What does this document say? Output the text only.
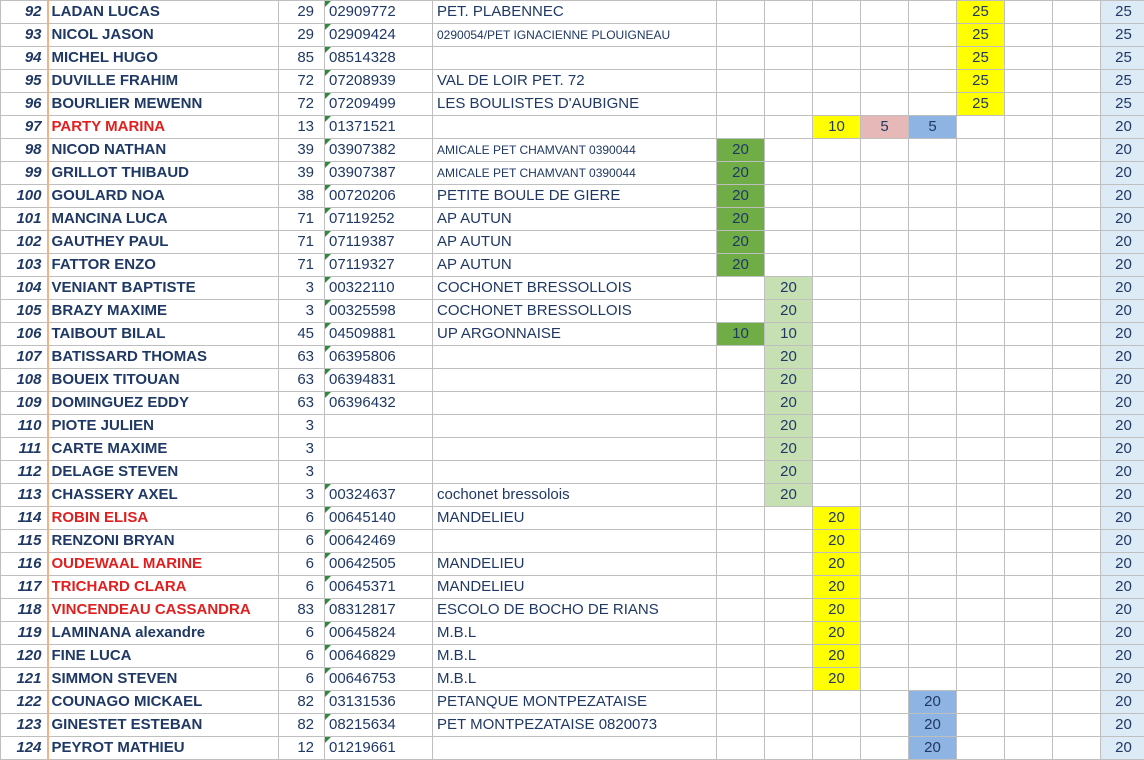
92	LADAN LUCAS	29	02909772	PET. PLABENNEC						25			25
93	NICOL JASON	29	02909424	0290054/PET IGNACIENNE PLOUIGNEAU						25			25
94	MICHEL HUGO	85	08514328							25			25
95	DUVILLE FRAHIM	72	07208939	VAL DE LOIR PET. 72						25			25
96	BOURLIER MEWENN	72	07209499	LES BOULISTES D'AUBIGNE						25			25
97	PARTY MARINA	13	01371521				10	5	5				20
98	NICOD NATHAN	39	03907382	AMICALE PET CHAMVANT 0390044	20								20
99	GRILLOT THIBAUD	39	03907387	AMICALE PET CHAMVANT 0390044	20								20
100	GOULARD NOA	38	00720206	PETITE BOULE DE GIERE	20								20
101	MANCINA LUCA	71	07119252	AP AUTUN	20								20
102	GAUTHEY PAUL	71	07119387	AP AUTUN	20								20
103	FATTOR ENZO	71	07119327	AP AUTUN	20								20
104	VENIANT BAPTISTE	3	00322110	COCHONET BRESSOLLOIS		20							20
105	BRAZY MAXIME	3	00325598	COCHONET BRESSOLLOIS		20							20
106	TAIBOUT BILAL	45	04509881	UP ARGONNAISE	10	10							20
107	BATISSARD THOMAS	63	06395806			20							20
108	BOUEIX TITOUAN	63	06394831			20							20
109	DOMINGUEZ EDDY	63	06396432			20							20
110	PIOTE JULIEN	3				20							20
111	CARTE MAXIME	3				20							20
112	DELAGE STEVEN	3				20							20
113	CHASSERY AXEL	3	00324637	cochonet bressolois		20							20
114	ROBIN ELISA	6	00645140	MANDELIEU			20						20
115	RENZONI BRYAN	6	00642469				20						20
116	OUDEWAAL MARINE	6	00642505	MANDELIEU			20						20
117	TRICHARD CLARA	6	00645371	MANDELIEU			20						20
118	VINCENDEAU CASSANDRA	83	08312817	ESCOLO DE BOCHO DE RIANS			20						20
119	LAMINANA alexandre	6	00645824	M.B.L			20						20
120	FINE LUCA	6	00646829	M.B.L			20						20
121	SIMMON STEVEN	6	00646753	M.B.L			20						20
122	COUNAGO MICKAEL	82	03131536	PETANQUE MONTPEZATAISE					20				20
123	GINESTET ESTEBAN	82	08215634	PET MONTPEZATAISE 0820073					20				20
124	PEYROT MATHIEU	12	01219661						20				20
